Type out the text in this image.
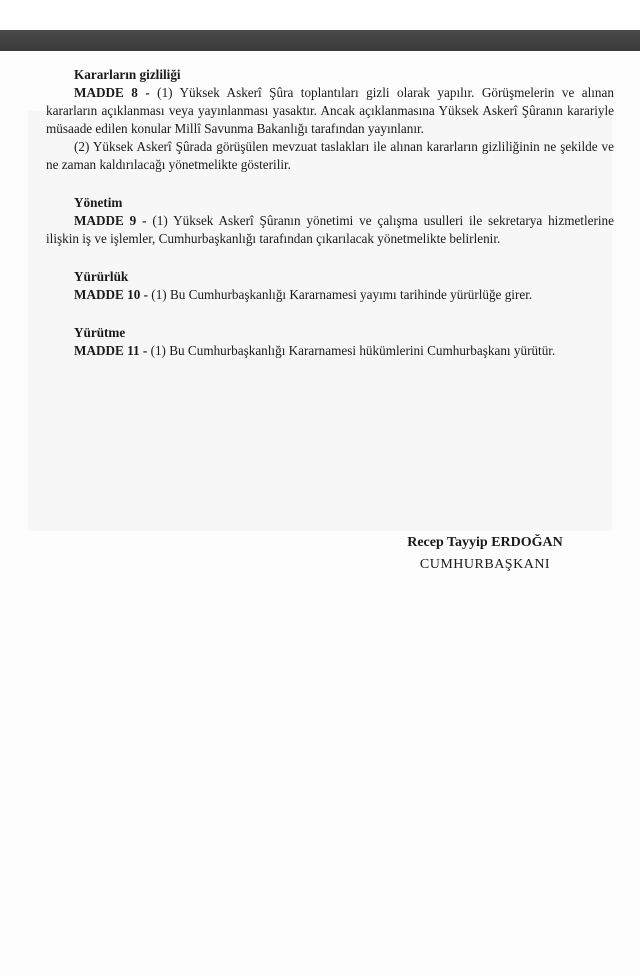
Kararların gizliliği

MADDE 8 - (1) Yüksek Askerî Şûra toplantıları gizli olarak yapılır. Görüşmelerin ve alınan kararların açıklanması veya yayınlanması yasaktır. Ancak açıklanmasına Yüksek Askerî Şûranın karariyle müsaade edilen konular Millî Savunma Bakanlığı tarafından yayınlanır.

(2) Yüksek Askerî Şûrada görüşülen mevzuat taslakları ile alınan kararların gizliliğinin ne şekilde ve ne zaman kaldırılacağı yönetmelikte gösterilir.

Yönetim

MADDE 9 - (1) Yüksek Askerî Şûranın yönetimi ve çalışma usulleri ile sekretarya hizmetlerine ilişkin iş ve işlemler, Cumhurbaşkanlığı tarafından çıkarılacak yönetmelikte belirlenir.

Yürürlük

MADDE 10 - (1) Bu Cumhurbaşkanlığı Kararnamesi yayımı tarihinde yürürlüğe girer.

Yürütme

MADDE 11 - (1) Bu Cumhurbaşkanlığı Kararnamesi hükümlerini Cumhurbaşkanı yürütür.

Recep Tayyip ERDOĞAN

CUMHURBAŞKANI
